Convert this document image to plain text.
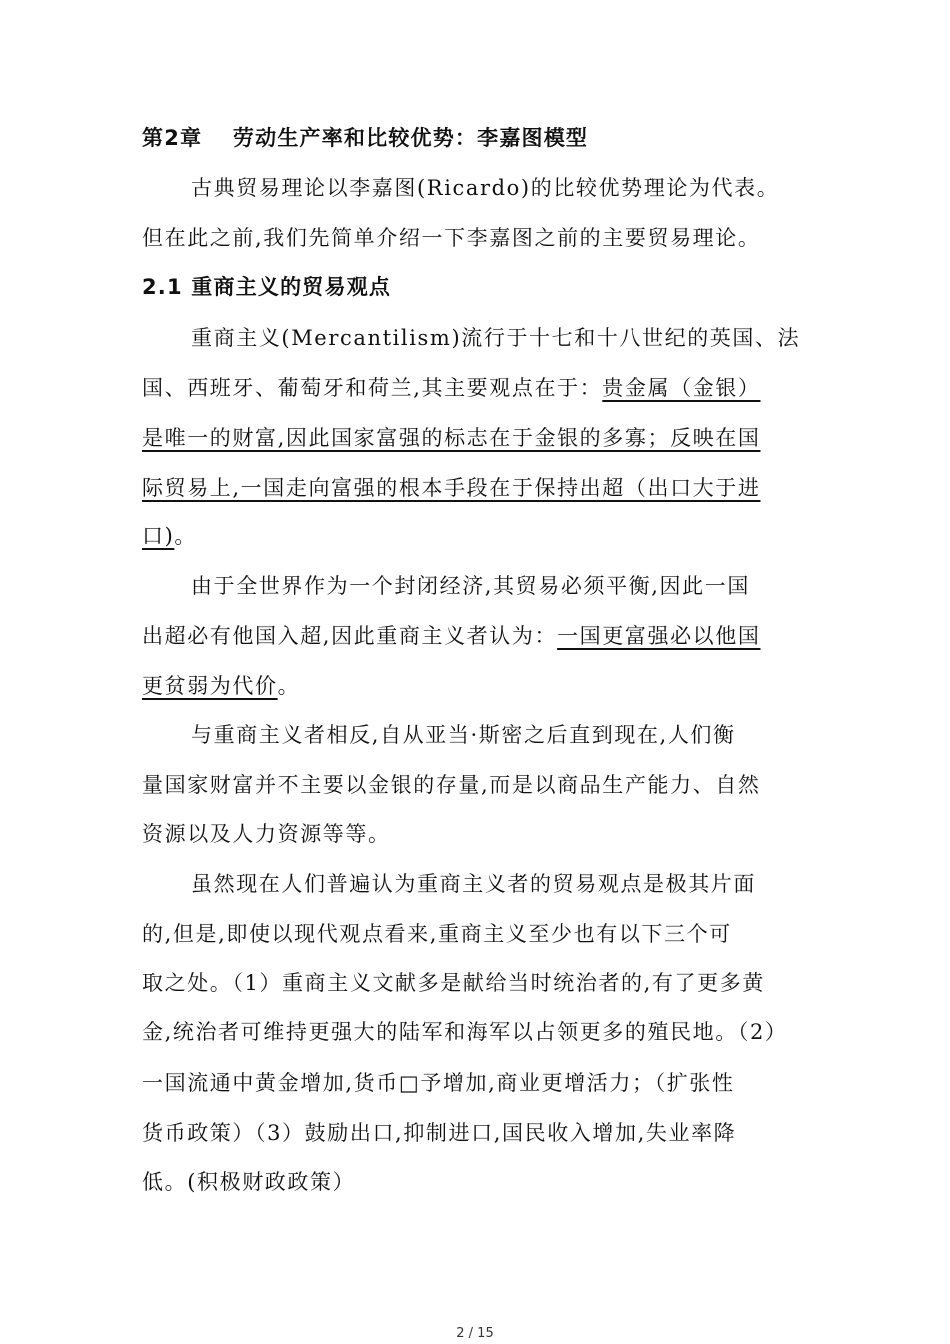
第2章　 劳动生产率和比较优势：李嘉图模型
古典贸易理论以李嘉图(Ricardo)的比较优势理论为代表。
但在此之前,我们先简单介绍一下李嘉图之前的主要贸易理论。
2.1 重商主义的贸易观点
重商主义(Mercantilism)流行于十七和十八世纪的英国、法
国、西班牙、葡萄牙和荷兰,其主要观点在于：贵金属（金银）
是唯一的财富,因此国家富强的标志在于金银的多寡；反映在国
际贸易上,一国走向富强的根本手段在于保持出超（出口大于进
口)。
由于全世界作为一个封闭经济,其贸易必须平衡,因此一国
出超必有他国入超,因此重商主义者认为：一国更富强必以他国
更贫弱为代价。
与重商主义者相反,自从亚当·斯密之后直到现在,人们衡
量国家财富并不主要以金银的存量,而是以商品生产能力、自然
资源以及人力资源等等。
虽然现在人们普遍认为重商主义者的贸易观点是极其片面
的,但是,即使以现代观点看来,重商主义至少也有以下三个可
取之处。（1）重商主义文献多是献给当时统治者的,有了更多黄
金,统治者可维持更强大的陆军和海军以占领更多的殖民地。（2）
一国流通中黄金增加,货币□予增加,商业更增活力；（扩张性
货币政策）（3）鼓励出口,抑制进口,国民收入增加,失业率降
低。(积极财政政策）
2 / 15
